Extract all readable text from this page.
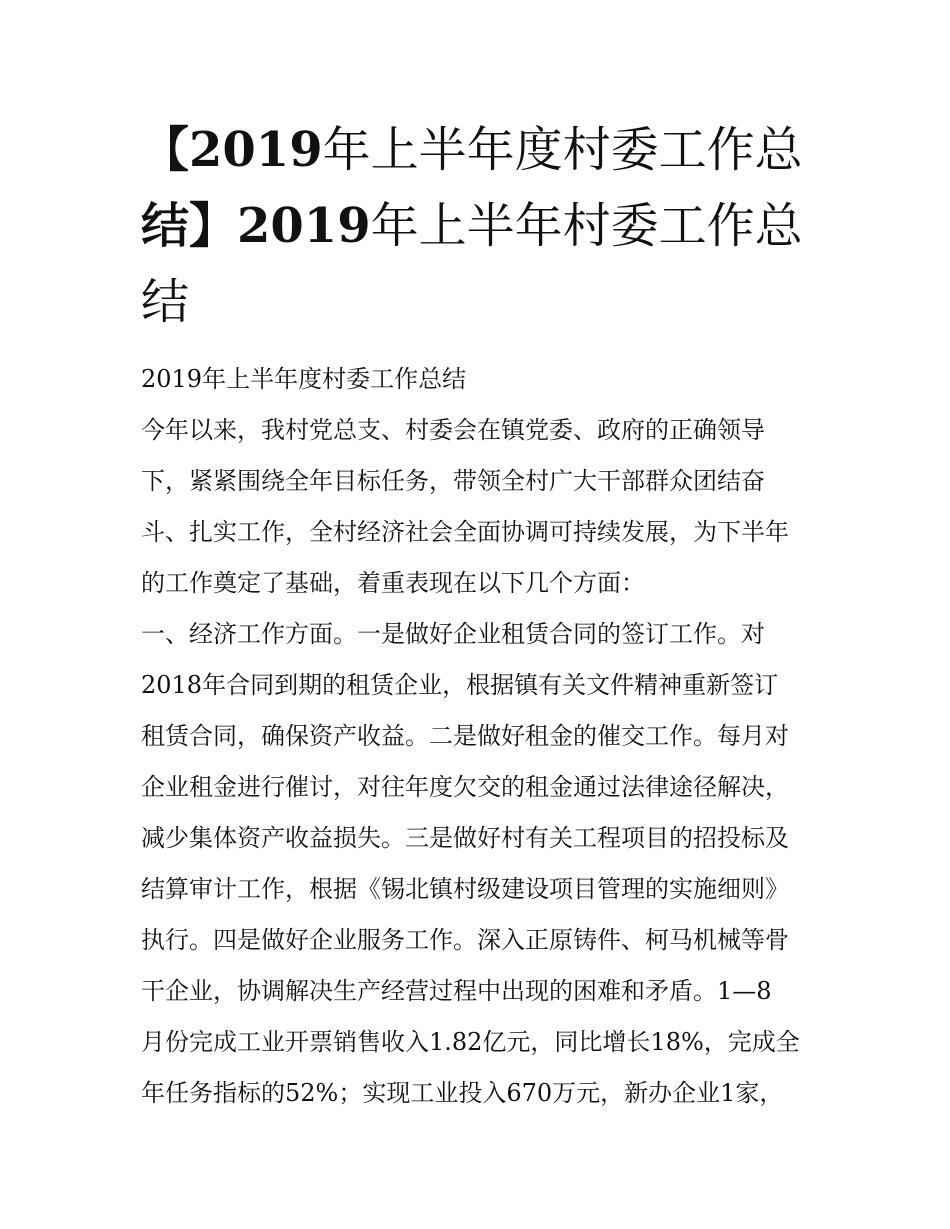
【2019年上半年度村委工作总
结】2019年上半年村委工作总
结
2019年上半年度村委工作总结
今年以来，我村党总支、村委会在镇党委、政府的正确领导
下，紧紧围绕全年目标任务，带领全村广大干部群众团结奋
斗、扎实工作，全村经济社会全面协调可持续发展，为下半年
的工作奠定了基础，着重表现在以下几个方面：
一、经济工作方面。一是做好企业租赁合同的签订工作。对
2018年合同到期的租赁企业，根据镇有关文件精神重新签订
租赁合同，确保资产收益。二是做好租金的催交工作。每月对
企业租金进行催讨，对往年度欠交的租金通过法律途径解决，
减少集体资产收益损失。三是做好村有关工程项目的招投标及
结算审计工作，根据《锡北镇村级建设项目管理的实施细则》
执行。四是做好企业服务工作。深入正原铸件、柯马机械等骨
干企业，协调解决生产经营过程中出现的困难和矛盾。1—8
月份完成工业开票销售收入1.82亿元，同比增长18%，完成全
年任务指标的52%；实现工业投入670万元，新办企业1家，
